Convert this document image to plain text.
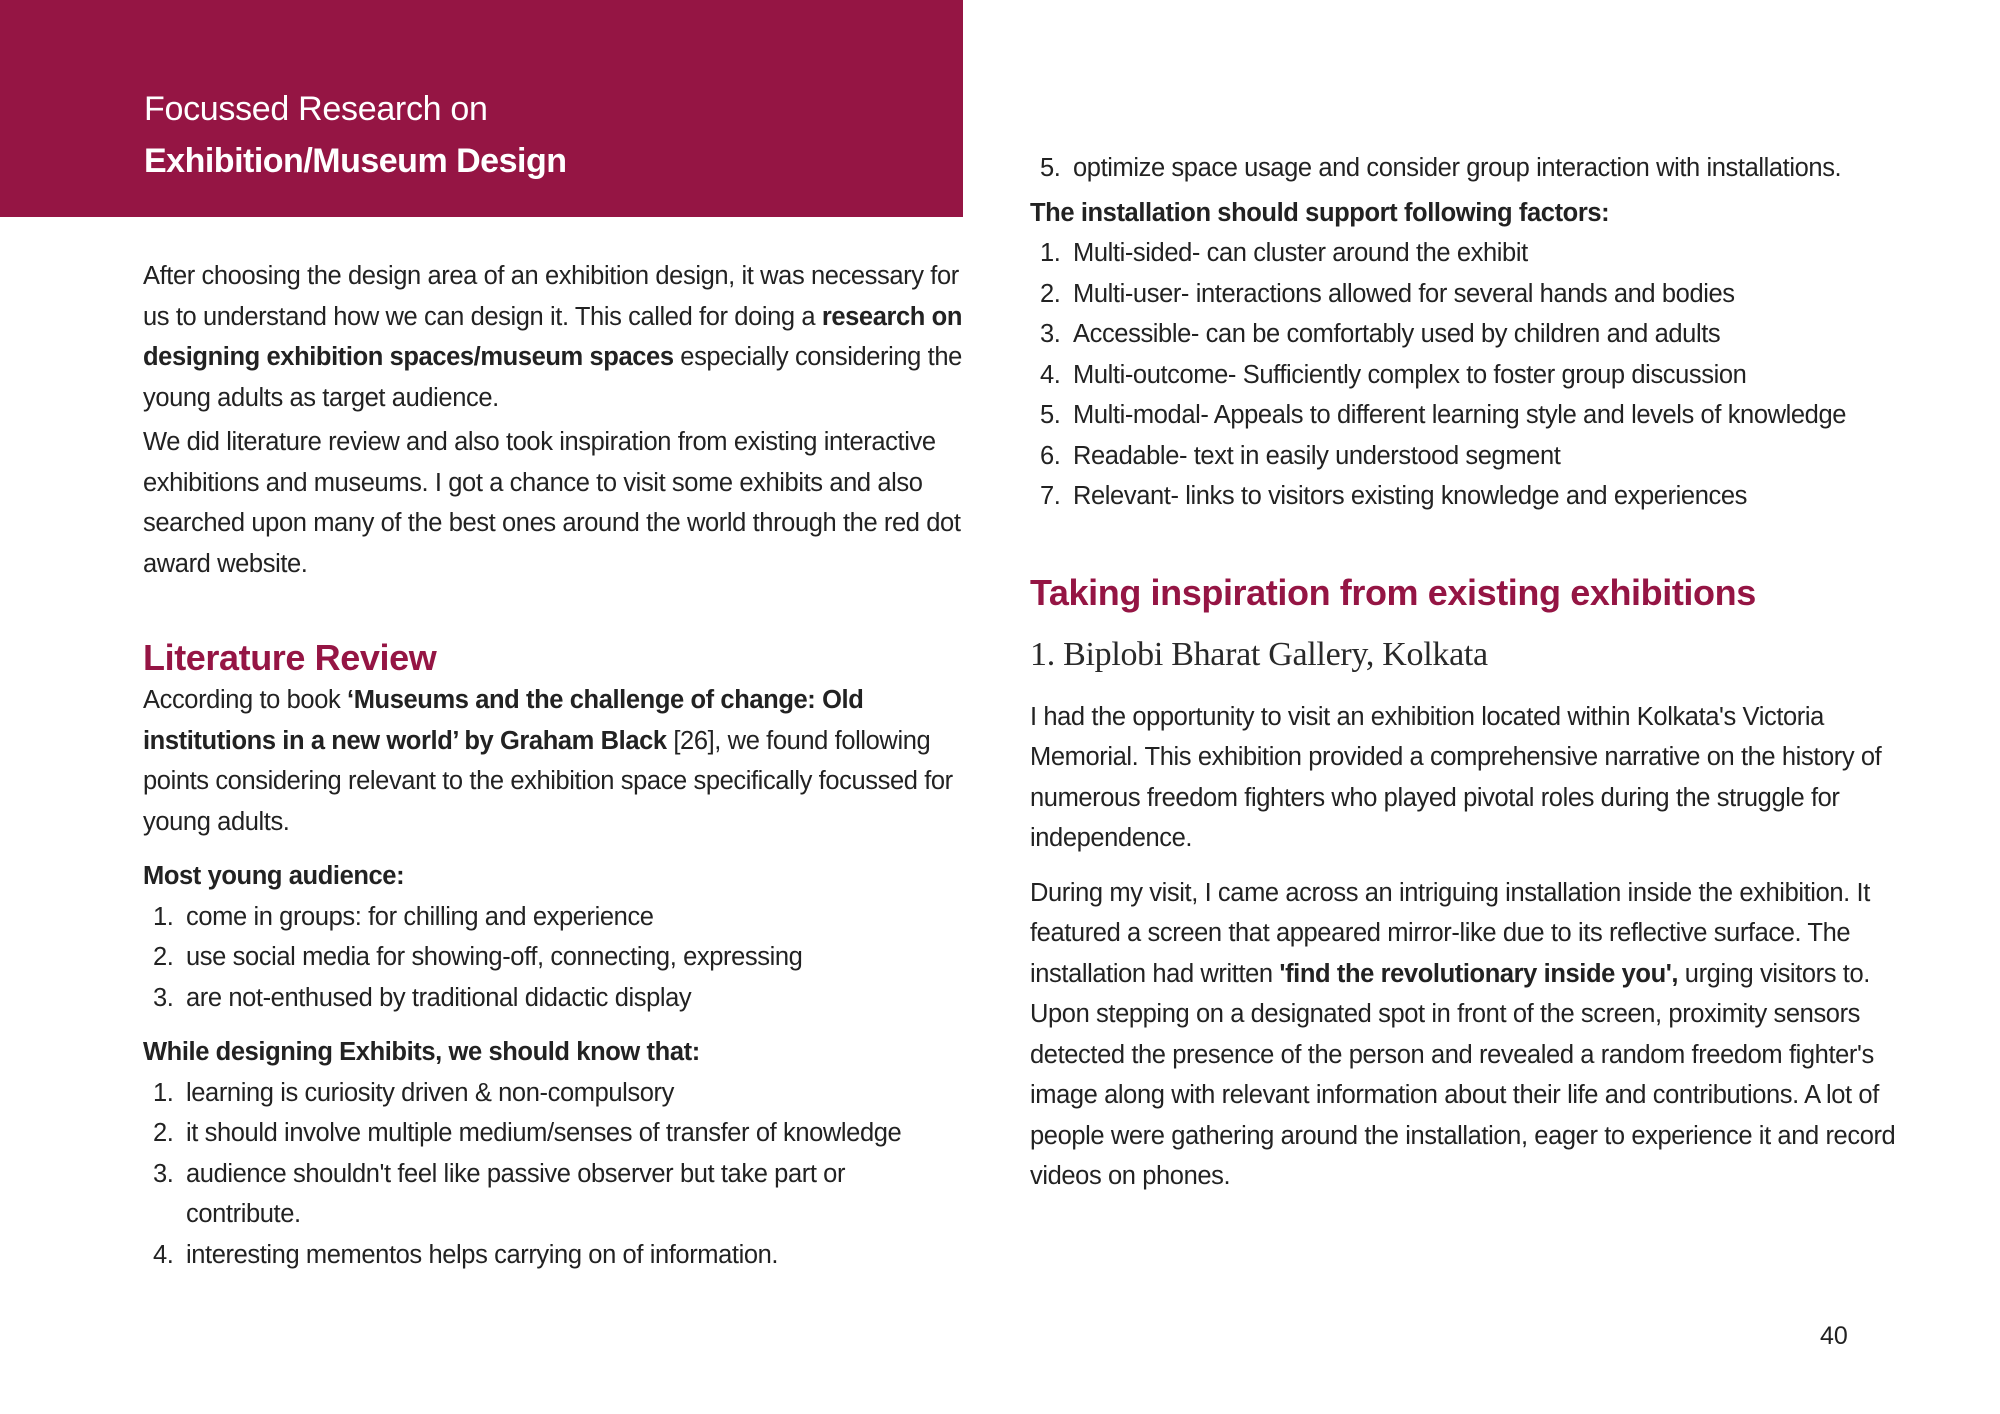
Focussed Research on
Exhibition/Museum Design

After choosing the design area of an exhibition design, it was necessary for us to understand how we can design it. This called for doing a research on designing exhibition spaces/museum spaces especially considering the young adults as target audience.

We did literature review and also took inspiration from existing interactive exhibitions and museums. I got a chance to visit some exhibits and also searched upon many of the best ones around the world through the red dot award website.

Literature Review

According to book ‘Museums and the challenge of change: Old institutions in a new world’ by Graham Black [26], we found following points considering relevant to the exhibition space specifically focussed for young adults.

Most young audience:

1. come in groups: for chilling and experience
2. use social media for showing-off, connecting, expressing
3. are not-enthused by traditional didactic display

While designing Exhibits, we should know that:

1. learning is curiosity driven & non-compulsory
2. it should involve multiple medium/senses of transfer of knowledge
3. audience shouldn't feel like passive observer but take part or contribute.
4. interesting mementos helps carrying on of information.
5. optimize space usage and consider group interaction with installations.

The installation should support following factors:

1. Multi-sided- can cluster around the exhibit
2. Multi-user- interactions allowed for several hands and bodies
3. Accessible- can be comfortably used by children and adults
4. Multi-outcome- Sufficiently complex to foster group discussion
5. Multi-modal- Appeals to different learning style and levels of knowledge
6. Readable- text in easily understood segment
7. Relevant- links to visitors existing knowledge and experiences
Taking inspiration from existing exhibitions
1. Biplobi Bharat Gallery, Kolkata

I had the opportunity to visit an exhibition located within Kolkata's Victoria Memorial. This exhibition provided a comprehensive narrative on the history of numerous freedom fighters who played pivotal roles during the struggle for independence.

During my visit, I came across an intriguing installation inside the exhibition. It featured a screen that appeared mirror-like due to its reflective surface. The installation had written 'find the revolutionary inside you', urging visitors to. Upon stepping on a designated spot in front of the screen, proximity sensors detected the presence of the person and revealed a random freedom fighter's image along with relevant information about their life and contributions. A lot of people were gathering around the installation, eager to experience it and record videos on phones.

40
